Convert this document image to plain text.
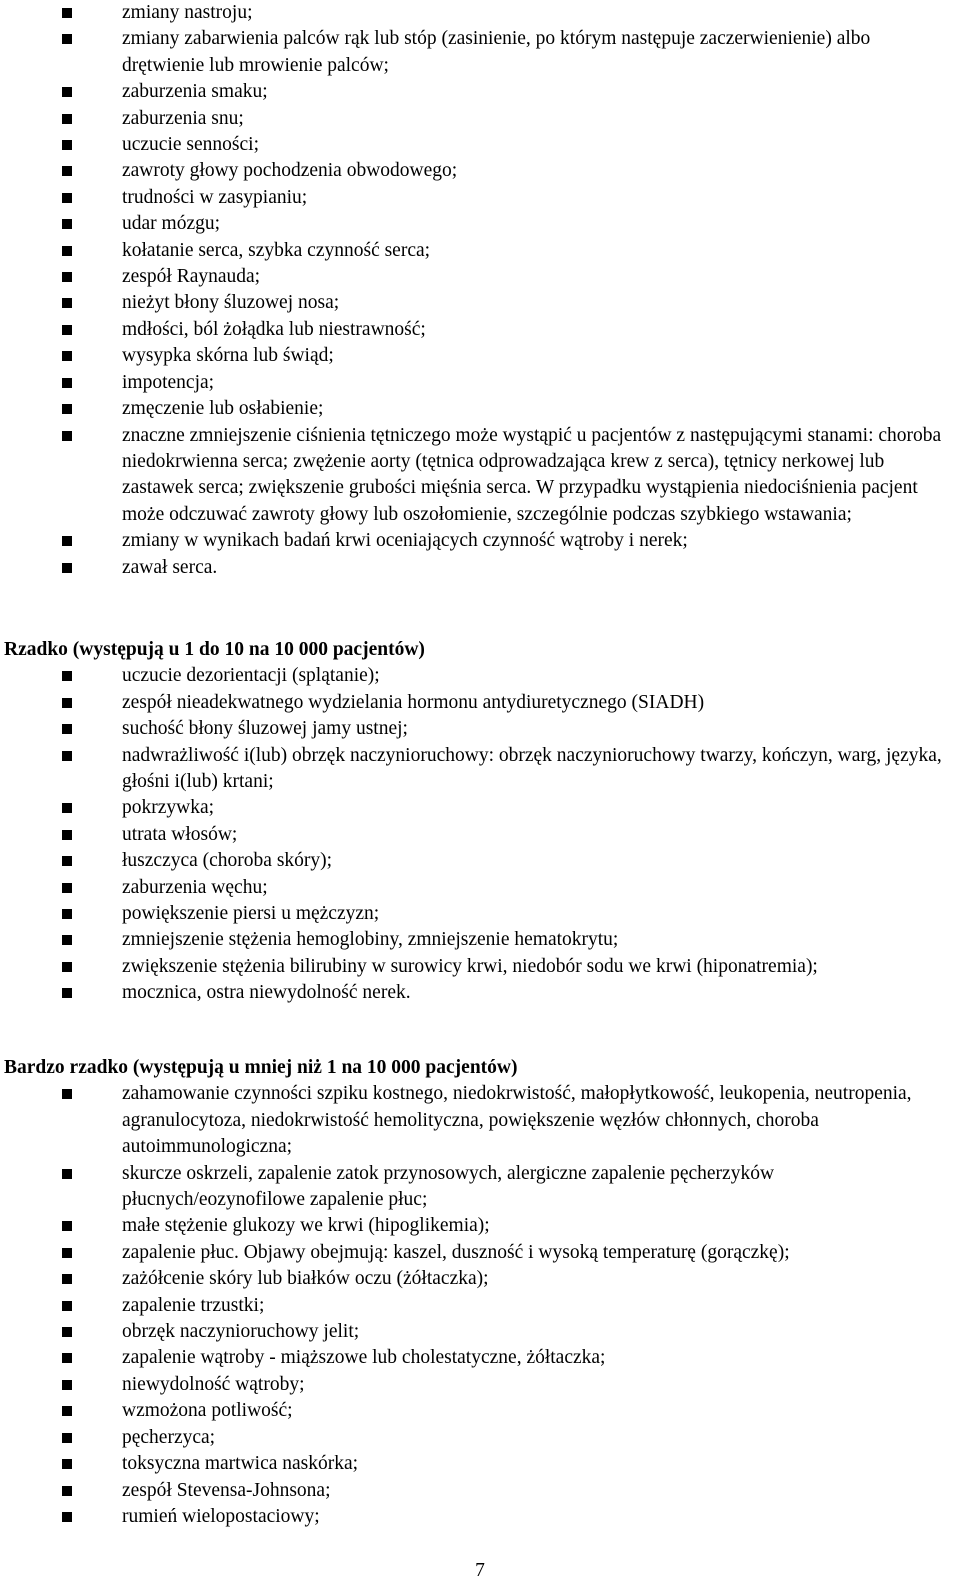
zmiany nastroju;
zmiany zabarwienia palców rąk lub stóp (zasinienie, po którym następuje zaczerwienienie) albo drętwienie lub mrowienie palców;
zaburzenia smaku;
zaburzenia snu;
uczucie senności;
zawroty głowy pochodzenia obwodowego;
trudności w zasypianiu;
udar mózgu;
kołatanie serca, szybka czynność serca;
zespół Raynauda;
nieżyt błony śluzowej nosa;
mdłości, ból żołądka lub niestrawność;
wysypka skórna lub świąd;
impotencja;
zmęczenie lub osłabienie;
znaczne zmniejszenie ciśnienia tętniczego może wystąpić u pacjentów z następującymi stanami: choroba niedokrwienna serca; zwężenie aorty (tętnica odprowadzająca krew z serca), tętnicy nerkowej lub zastawek serca; zwiększenie grubości mięśnia serca. W przypadku wystąpienia niedociśnienia pacjent może odczuwać zawroty głowy lub oszołomienie, szczególnie podczas szybkiego wstawania;
zmiany w wynikach badań krwi oceniających czynność wątroby i nerek;
zawał serca.
Rzadko (występują u 1 do 10 na 10 000 pacjentów)
uczucie dezorientacji (splątanie);
zespół nieadekwatnego wydzielania hormonu antydiuretycznego (SIADH)
suchość błony śluzowej jamy ustnej;
nadwrażliwość i(lub) obrzęk naczynioruchowy: obrzęk naczynioruchowy twarzy, kończyn, warg, języka, głośni i(lub) krtani;
pokrzywka;
utrata włosów;
łuszczyca (choroba skóry);
zaburzenia węchu;
powiększenie piersi u mężczyzn;
zmniejszenie stężenia hemoglobiny, zmniejszenie hematokrytu;
zwiększenie stężenia bilirubiny w surowicy krwi, niedobór sodu we krwi (hiponatremia);
mocznica, ostra niewydolność nerek.
Bardzo rzadko (występują u mniej niż 1 na 10 000 pacjentów)
zahamowanie czynności szpiku kostnego, niedokrwistość, małopłytkowość, leukopenia, neutropenia, agranulocytoza, niedokrwistość hemolityczna, powiększenie węzłów chłonnych, choroba autoimmunologiczna;
skurcze oskrzeli, zapalenie zatok przynosowych, alergiczne zapalenie pęcherzyków płucnych/eozynofilowe zapalenie płuc;
małe stężenie glukozy we krwi (hipoglikemia);
zapalenie płuc. Objawy obejmują: kaszel, duszność i wysoką temperaturę (gorączkę);
zażółcenie skóry lub białków oczu (żółtaczka);
zapalenie trzustki;
obrzęk naczynioruchowy jelit;
zapalenie wątroby - miąższowe lub cholestatyczne, żółtaczka;
niewydolność wątroby;
wzmożona potliwość;
pęcherzyca;
toksyczna martwica naskórka;
zespół Stevensa-Johnsona;
rumień wielopostaciowy;
7
